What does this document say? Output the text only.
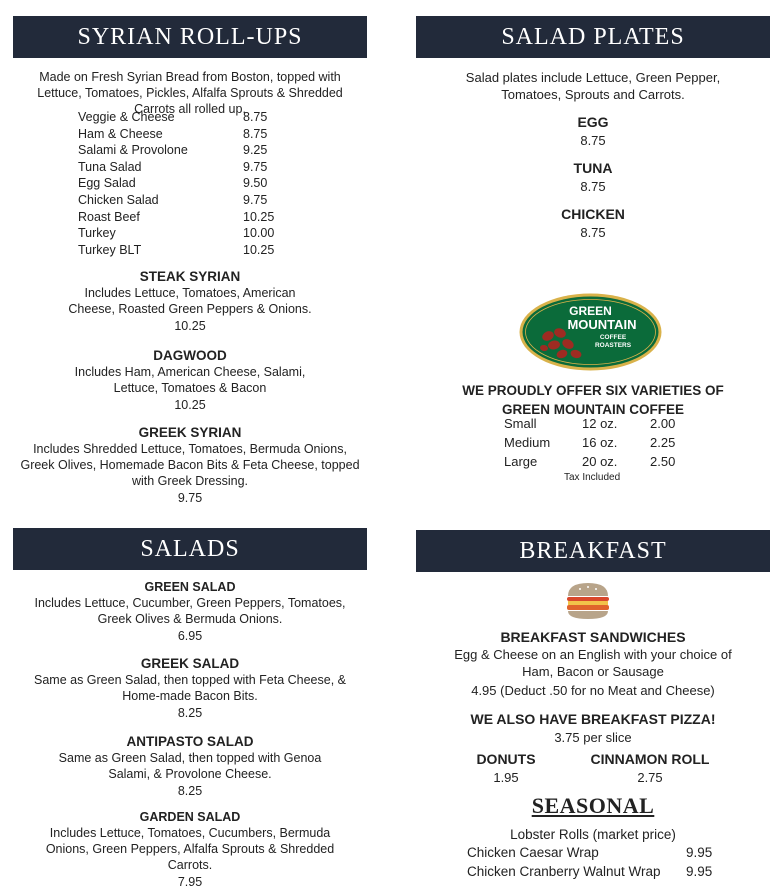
SYRIAN ROLL-UPS
Made on Fresh Syrian Bread from Boston, topped with Lettuce, Tomatoes, Pickles, Alfalfa Sprouts & Shredded Carrots all rolled up.
Veggie & Cheese	8.75
Ham & Cheese	8.75
Salami & Provolone	9.25
Tuna Salad	9.75
Egg Salad	9.50
Chicken Salad	9.75
Roast Beef	10.25
Turkey	10.00
Turkey BLT	10.25
STEAK SYRIAN
Includes Lettuce, Tomatoes, American Cheese, Roasted Green Peppers & Onions.
10.25
DAGWOOD
Includes Ham, American Cheese, Salami, Lettuce, Tomatoes & Bacon
10.25
GREEK SYRIAN
Includes Shredded Lettuce, Tomatoes, Bermuda Onions, Greek Olives, Homemade Bacon Bits & Feta Cheese, topped with Greek Dressing.
9.75
SALAD PLATES
Salad plates include Lettuce, Green Pepper, Tomatoes, Sprouts and Carrots.
EGG
8.75
TUNA
8.75
CHICKEN
8.75
GREEN
MOUNTAIN
COFFEE
ROASTERS
WE PROUDLY OFFER SIX VARIETIES OF
GREEN MOUNTAIN COFFEE
Small	12 oz.	2.00
Medium 16 oz.	2.25
Large	20 oz.	2.50
Tax Included
SALADS
GREEN SALAD
Includes Lettuce, Cucumber, Green Peppers, Tomatoes, Greek Olives & Bermuda Onions.
6.95
GREEK SALAD
Same as Green Salad, then topped with Feta Cheese, & Home-made Bacon Bits.
8.25
ANTIPASTO SALAD
Same as Green Salad, then topped with Genoa Salami, & Provolone Cheese.
8.25
GARDEN SALAD
Includes Lettuce, Tomatoes, Cucumbers, Bermuda Onions, Green Peppers, Alfalfa Sprouts & Shredded Carrots.
7.95
BREAKFAST
BREAKFAST SANDWICHES
Egg & Cheese on an English with your choice of Ham, Bacon or Sausage
4.95 (Deduct .50 for no Meat and Cheese)
WE ALSO HAVE BREAKFAST PIZZA!
3.75 per slice
DONUTS
1.95
CINNAMON ROLL
2.75
SEASONAL
Lobster Rolls (market price)
Chicken Caesar Wrap	9.95
Chicken Cranberry Walnut Wrap 9.95
